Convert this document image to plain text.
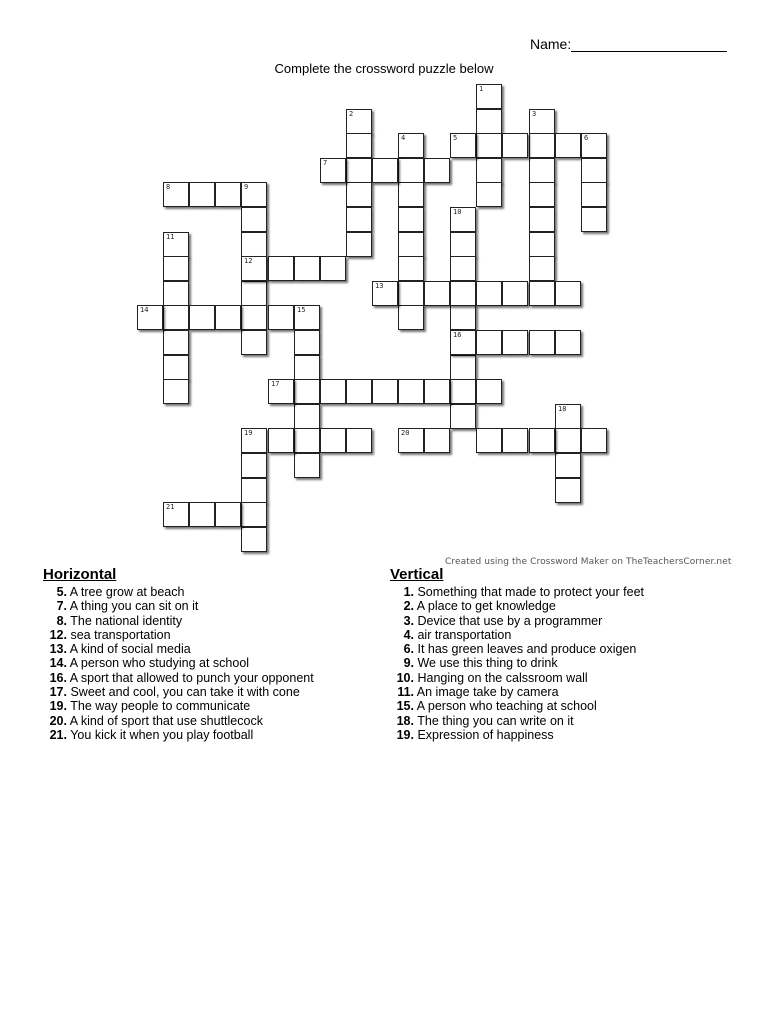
Name:
Complete the crossword puzzle below
1
2	3
4	5	6
7
8	9
10
11
12
13
14	15
16
17
18
19	20
21
Created using the Crossword Maker on TheTeachersCorner.net
Horizontal
5. A tree grow at beach
7. A thing you can sit on it
8. The national identity
12. sea transportation
13. A kind of social media
14. A person who studying at school
16. A sport that allowed to punch your opponent
17. Sweet and cool, you can take it with cone
19. The way people to communicate
20. A kind of sport that use shuttlecock
21. You kick it when you play football
Vertical
1. Something that made to protect your feet
2. A place to get knowledge
3. Device that use by a programmer
4. air transportation
6. It has green leaves and produce oxigen
9. We use this thing to drink
10. Hanging on the calssroom wall
11. An image take by camera
15. A person who teaching at school
18. The thing you can write on it
19. Expression of happiness
